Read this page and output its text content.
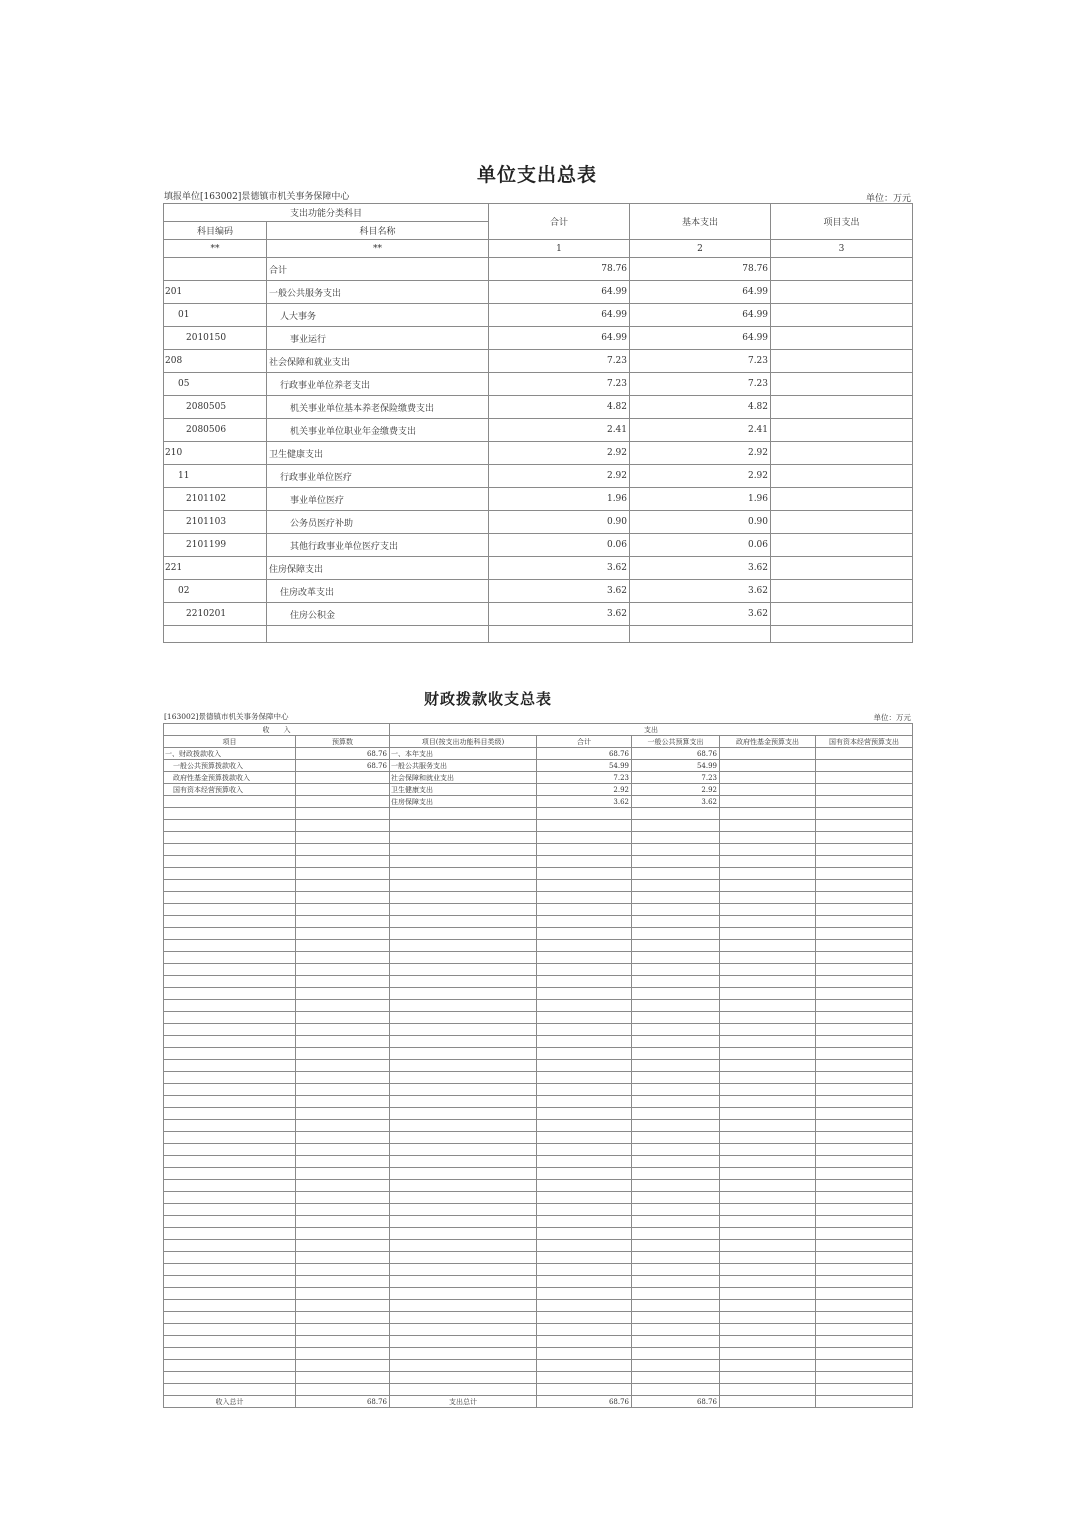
单位支出总表
填报单位[163002]景德镇市机关事务保障中心	单位：万元
支出功能分类科目		合计	基本支出	项目支出
科目编码	科目名称			
**	**	1	2	3
	合计	78.76	78.76	
201	一般公共服务支出	64.99	64.99	
01	人大事务	64.99	64.99	
2010150	事业运行	64.99	64.99	
208	社会保障和就业支出	7.23	7.23	
05	行政事业单位养老支出	7.23	7.23	
2080505	机关事业单位基本养老保险缴费支出	4.82	4.82	
2080506	机关事业单位职业年金缴费支出	2.41	2.41	
210	卫生健康支出	2.92	2.92	
11	行政事业单位医疗	2.92	2.92	
2101102	事业单位医疗	1.96	1.96	
2101103	公务员医疗补助	0.90	0.90	
2101199	其他行政事业单位医疗支出	0.06	0.06	
221	住房保障支出	3.62	3.62	
02	住房改革支出	3.62	3.62	
2210201	住房公积金	3.62	3.62	

财政拨款收支总表
[163002]景德镇市机关事务保障中心	单位：万元
收　　入		支出				
项目	预算数	项目(按支出功能科目类级)	合计	一般公共预算支出	政府性基金预算支出	国有资本经营预算支出
一、财政拨款收入	68.76	一、本年支出	68.76	68.76		
一般公共预算拨款收入	68.76	一般公共服务支出	54.99	54.99		
政府性基金预算拨款收入		社会保障和就业支出	7.23	7.23		
国有资本经营预算收入		卫生健康支出	2.92	2.92		
		住房保障支出	3.62	3.62		

收入总计	68.76	支出总计	68.76	68.76		
